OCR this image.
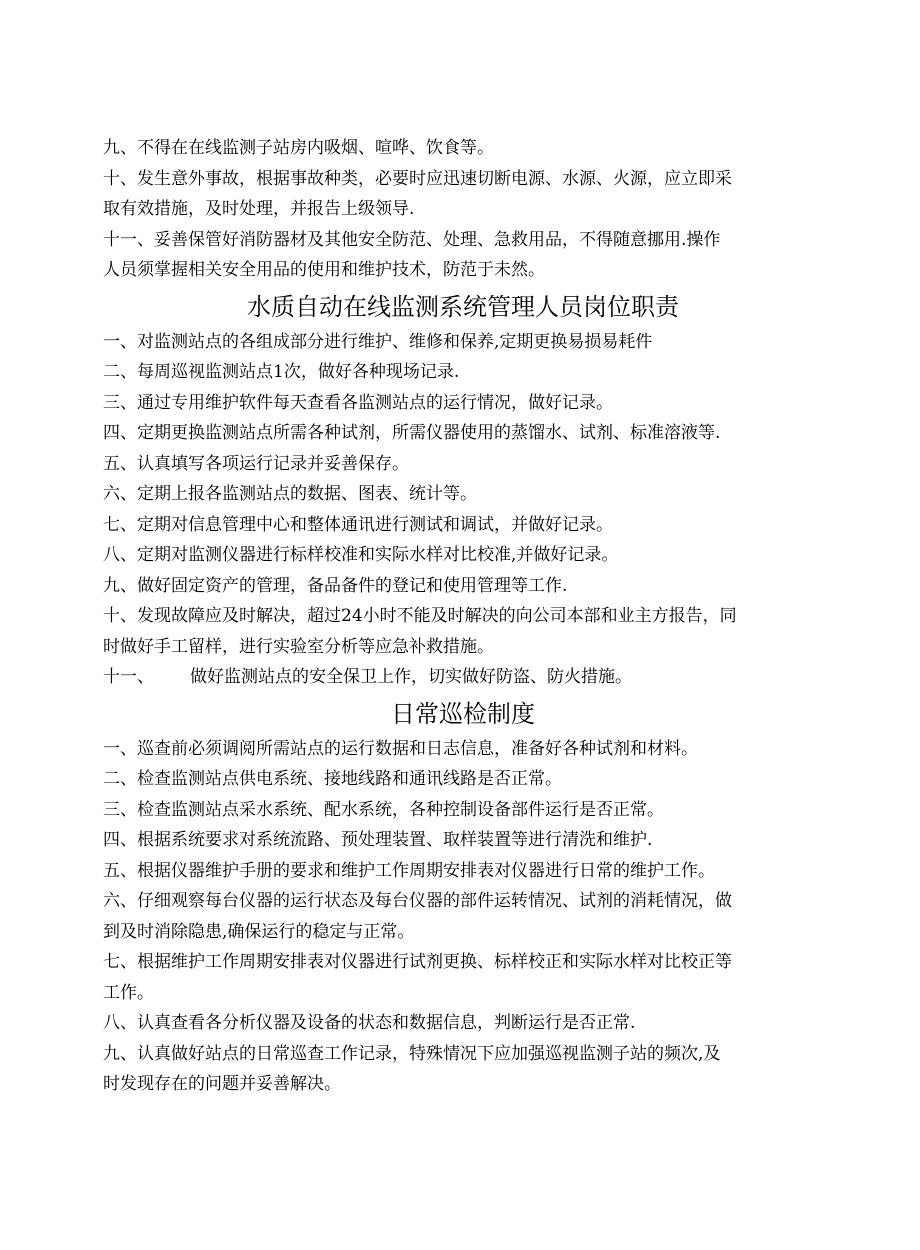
九、不得在在线监测子站房内吸烟、喧哗、饮食等。

十、发生意外事故，根据事故种类，必要时应迅速切断电源、水源、火源，应立即采

取有效措施，及时处理，并报告上级领导.

十一、妥善保管好消防器材及其他安全防范、处理、急救用品，不得随意挪用.操作

人员须掌握相关安全用品的使用和维护技术，防范于未然。

水质自动在线监测系统管理人员岗位职责

一、对监测站点的各组成部分进行维护、维修和保养,定期更换易损易耗件

二、每周巡视监测站点1次，做好各种现场记录.

三、通过专用维护软件每天查看各监测站点的运行情况，做好记录。

四、定期更换监测站点所需各种试剂，所需仪器使用的蒸馏水、试剂、标准溶液等.

五、认真填写各项运行记录并妥善保存。

六、定期上报各监测站点的数据、图表、统计等。

七、定期对信息管理中心和整体通讯进行测试和调试，并做好记录。

八、定期对监测仪器进行标样校准和实际水样对比校准,并做好记录。

九、做好固定资产的管理，备品备件的登记和使用管理等工作.

十、发现故障应及时解决，超过24小时不能及时解决的向公司本部和业主方报告，同

时做好手工留样，进行实验室分析等应急补救措施。

十一、 做好监测站点的安全保卫上作，切实做好防盗、防火措施。

日常巡检制度

一、巡查前必须调阅所需站点的运行数据和日志信息，准备好各种试剂和材料。

二、检查监测站点供电系统、接地线路和通讯线路是否正常。

三、检查监测站点采水系统、配水系统，各种控制设备部件运行是否正常。

四、根据系统要求对系统流路、预处理装置、取样装置等进行清洗和维护.

五、根据仪器维护手册的要求和维护工作周期安排表对仪器进行日常的维护工作。

六、仔细观察每台仪器的运行状态及每台仪器的部件运转情况、试剂的消耗情况，做

到及时消除隐患,确保运行的稳定与正常。

七、根据维护工作周期安排表对仪器进行试剂更换、标样校正和实际水样对比校正等

工作。

八、认真查看各分析仪器及设备的状态和数据信息，判断运行是否正常.

九、认真做好站点的日常巡查工作记录，特殊情况下应加强巡视监测子站的频次,及

时发现存在的问题并妥善解决。
